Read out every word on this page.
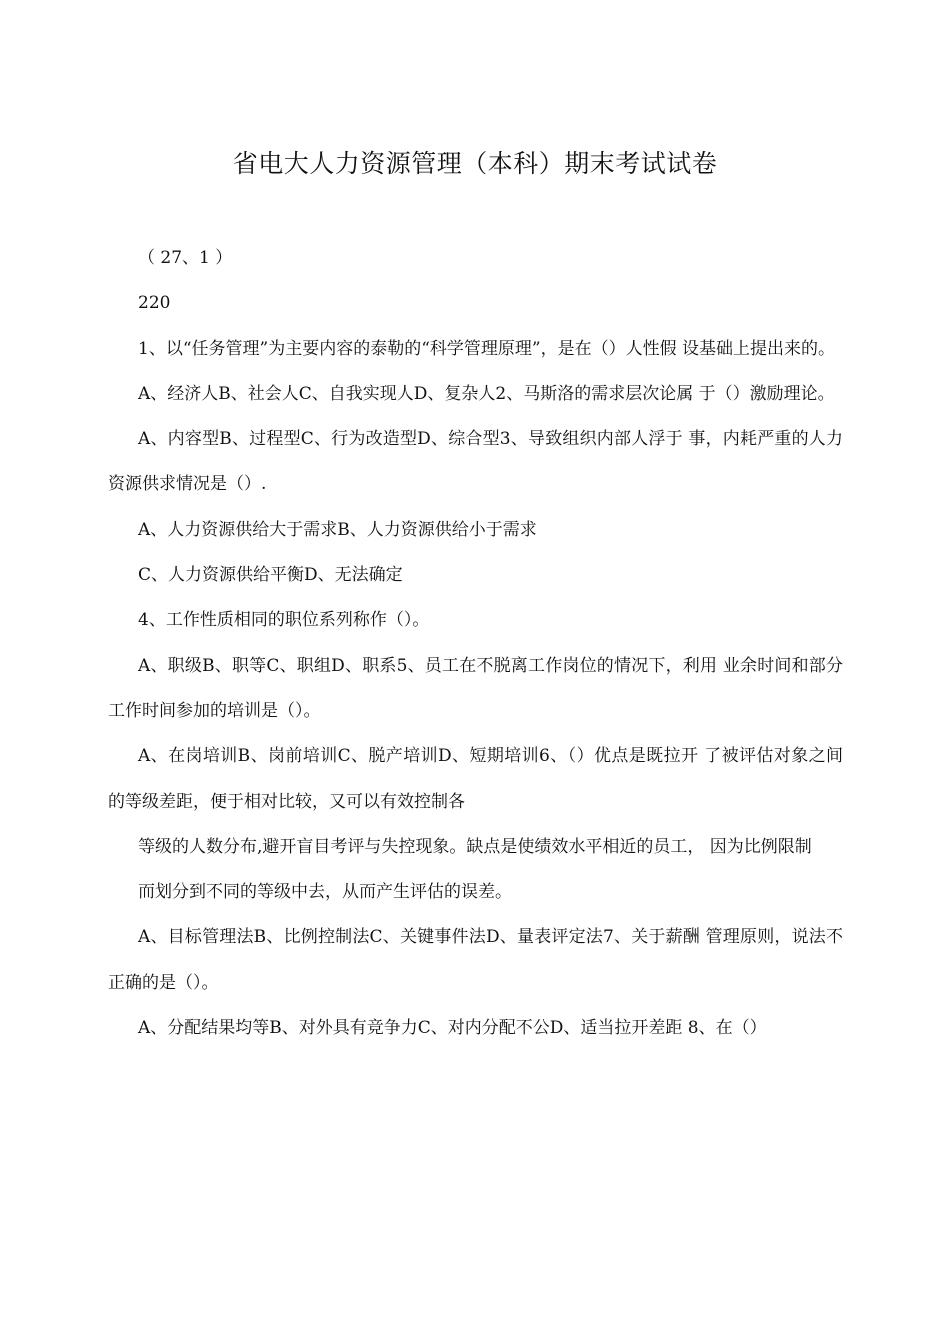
省电大人力资源管理（本科）期末考试试卷

（ 27、1 ）

220

1、以“任务管理”为主要内容的泰勒的“科学管理原理”，是在（）人性假 设基础上提出来的。

A、经济人B、社会人C、自我实现人D、复杂人2、马斯洛的需求层次论属 于（）激励理论。

A、内容型B、过程型C、行为改造型D、综合型3、导致组织内部人浮于 事，内耗严重的人力资源供求情况是（）.

A、人力资源供给大于需求B、人力资源供给小于需求

C、人力资源供给平衡D、无法确定

4、工作性质相同的职位系列称作（）。

A、职级B、职等C、职组D、职系5、员工在不脱离工作岗位的情况下，利用 业余时间和部分工作时间参加的培训是（）。

A、在岗培训B、岗前培训C、脱产培训D、短期培训6、（）优点是既拉开 了被评估对象之间的等级差距，便于相对比较，又可以有效控制各

等级的人数分布,避开盲目考评与失控现象。缺点是使绩效水平相近的员工， 因为比例限制

而划分到不同的等级中去，从而产生评估的误差。

A、目标管理法B、比例控制法C、关键事件法D、量表评定法7、关于薪酬 管理原则，说法不正确的是（）。

A、分配结果均等B、对外具有竞争力C、对内分配不公D、适当拉开差距 8、在（）
